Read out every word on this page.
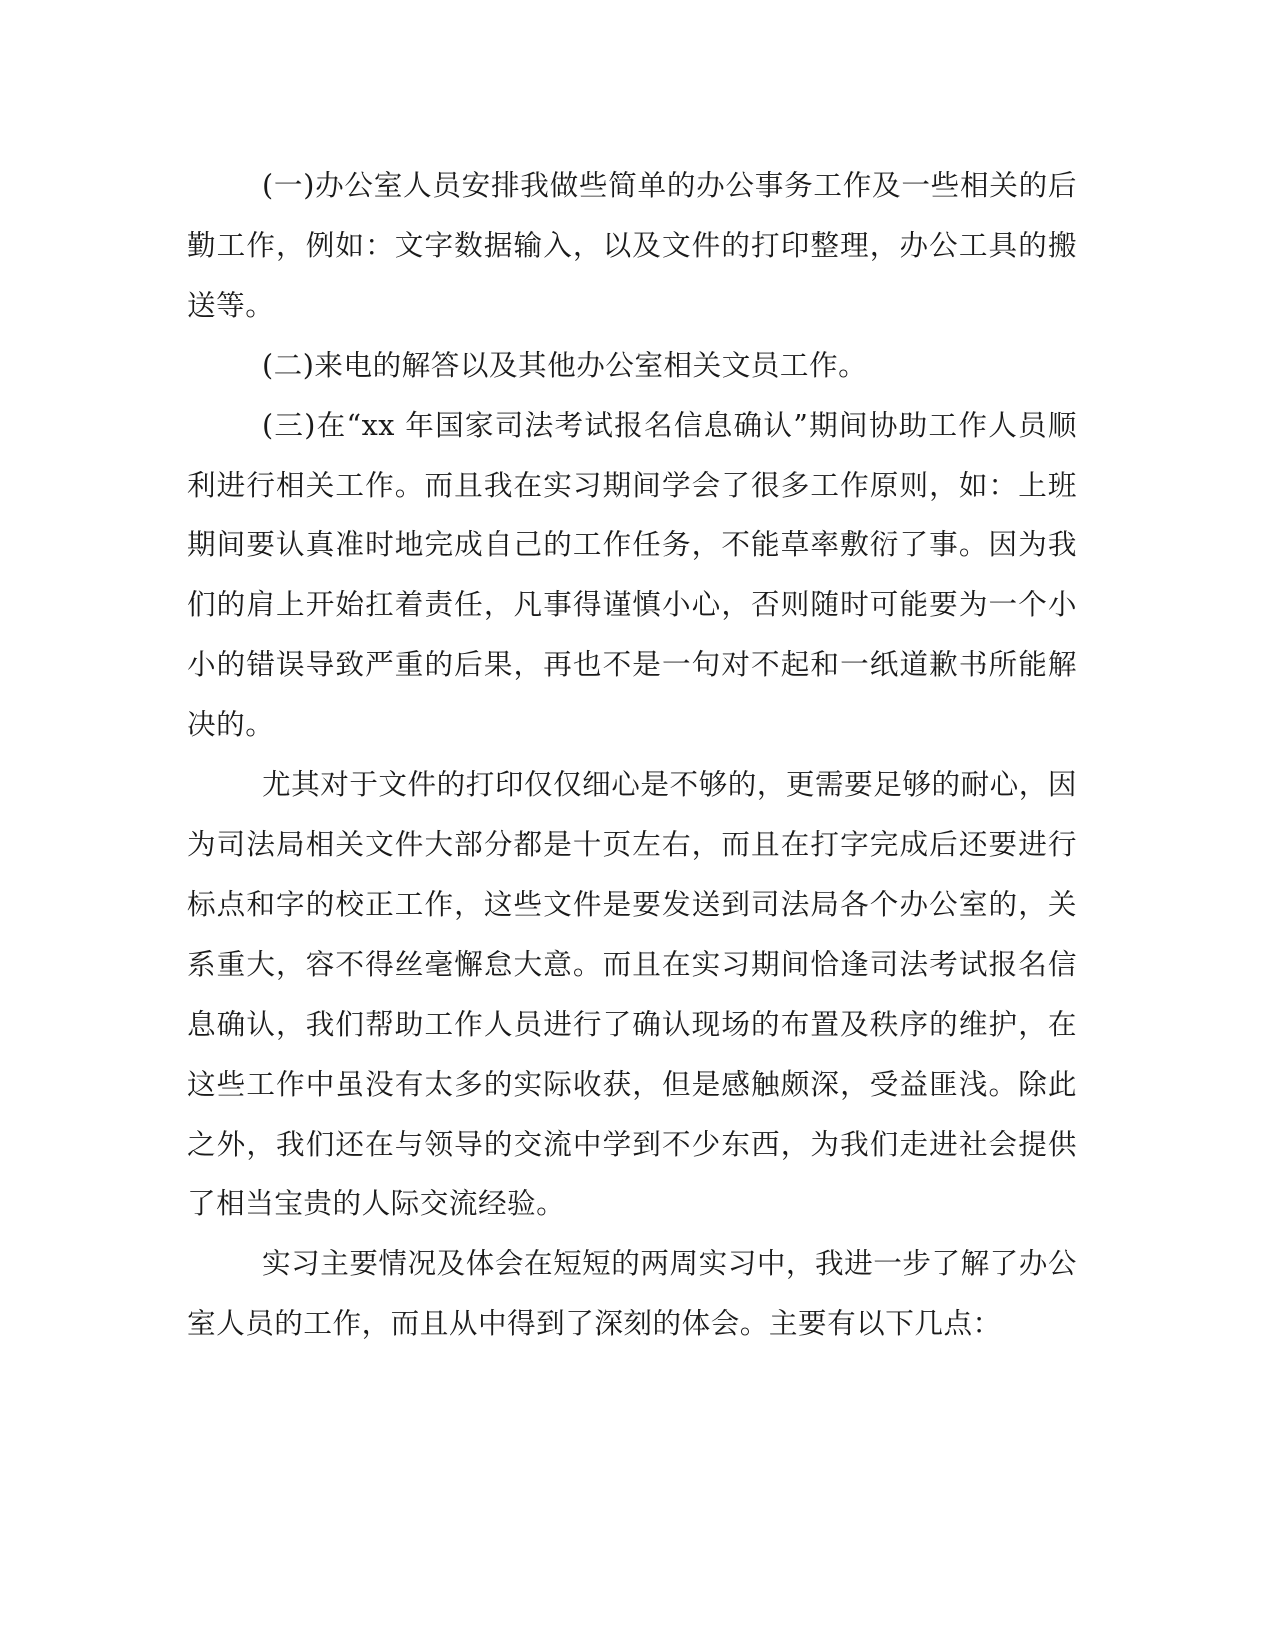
(一)办公室人员安排我做些简单的办公事务工作及一些相关的后勤工作，例如：文字数据输入，以及文件的打印整理，办公工具的搬送等。

(二)来电的解答以及其他办公室相关文员工作。

(三)在“xx 年国家司法考试报名信息确认”期间协助工作人员顺利进行相关工作。而且我在实习期间学会了很多工作原则，如：上班期间要认真准时地完成自己的工作任务，不能草率敷衍了事。因为我们的肩上开始扛着责任，凡事得谨慎小心，否则随时可能要为一个小小的错误导致严重的后果，再也不是一句对不起和一纸道歉书所能解决的。

尤其对于文件的打印仅仅细心是不够的，更需要足够的耐心，因为司法局相关文件大部分都是十页左右，而且在打字完成后还要进行标点和字的校正工作，这些文件是要发送到司法局各个办公室的，关系重大，容不得丝毫懈怠大意。而且在实习期间恰逢司法考试报名信息确认，我们帮助工作人员进行了确认现场的布置及秩序的维护，在这些工作中虽没有太多的实际收获，但是感触颇深，受益匪浅。除此之外，我们还在与领导的交流中学到不少东西，为我们走进社会提供了相当宝贵的人际交流经验。

实习主要情况及体会在短短的两周实习中，我进一步了解了办公室人员的工作，而且从中得到了深刻的体会。主要有以下几点：
